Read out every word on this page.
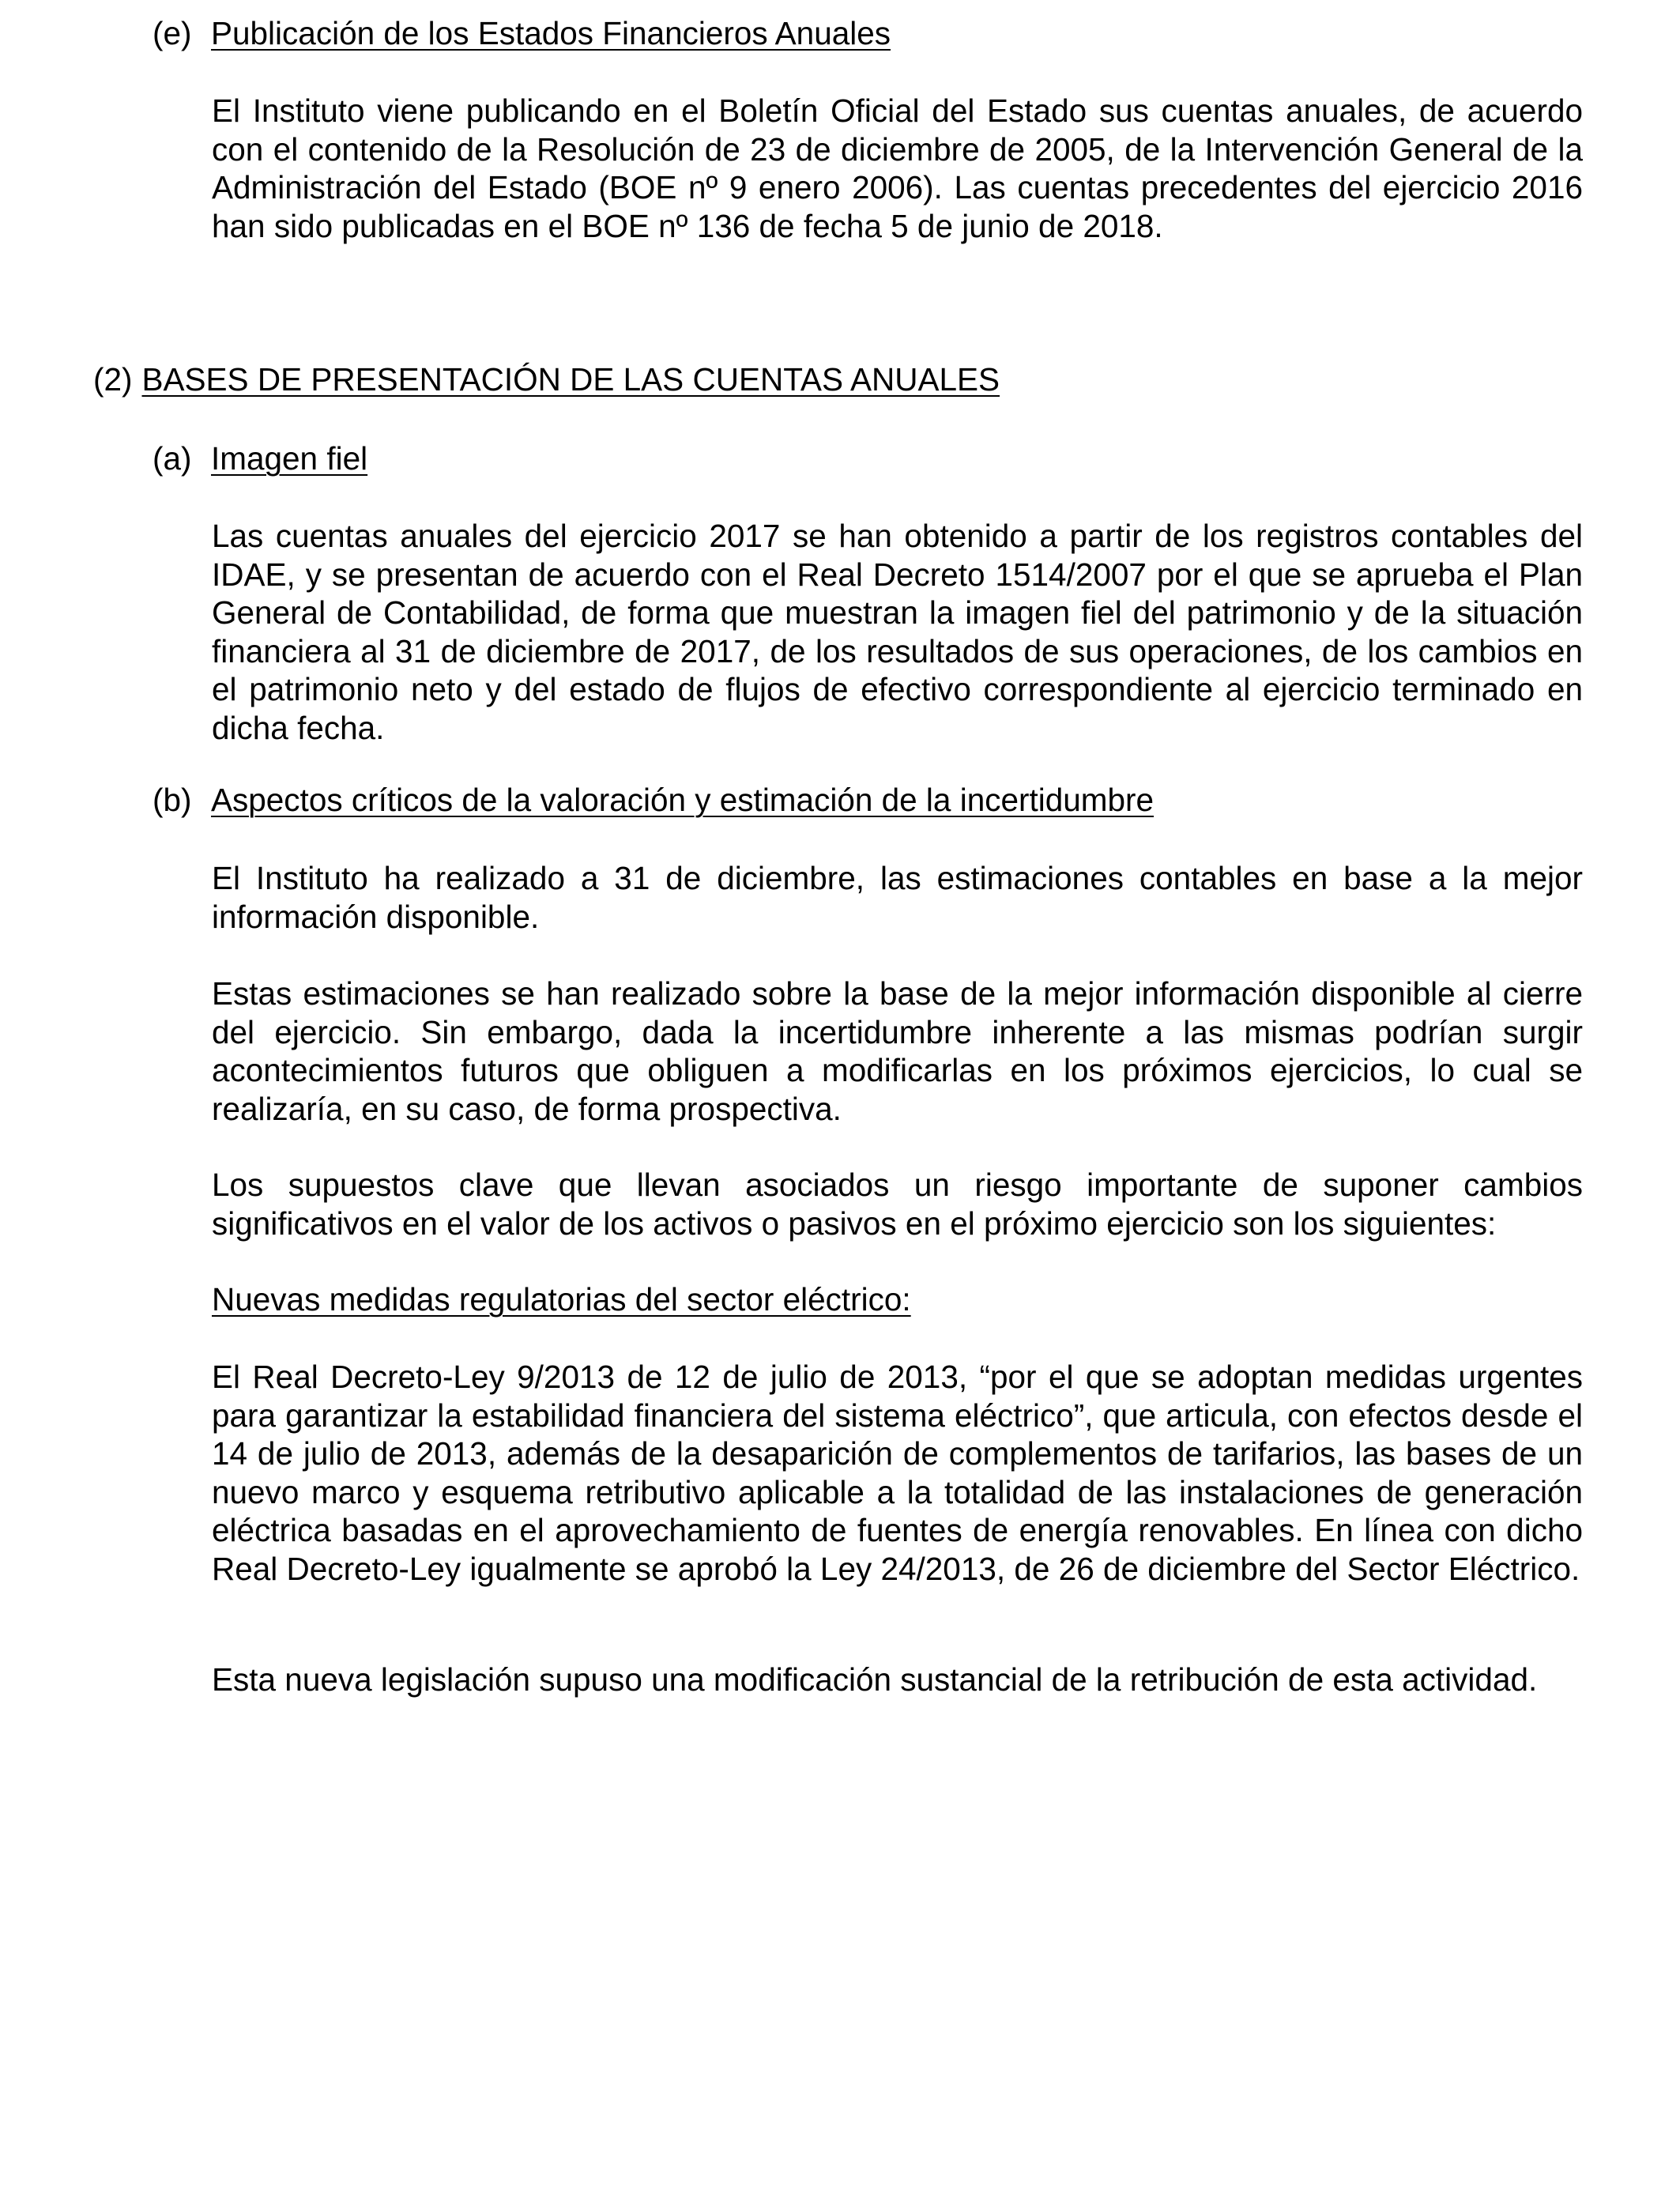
(e) Publicación de los Estados Financieros Anuales

El Instituto viene publicando en el Boletín Oficial del Estado sus cuentas anuales, de acuerdo con el contenido de la Resolución de 23 de diciembre de 2005, de la Intervención General de la Administración del Estado (BOE nº 9 enero 2006). Las cuentas precedentes del ejercicio 2016 han sido publicadas en el BOE nº 136 de fecha 5 de junio de 2018.

(2) BASES DE PRESENTACIÓN DE LAS CUENTAS ANUALES
(a) Imagen fiel

Las cuentas anuales del ejercicio 2017 se han obtenido a partir de los registros contables del IDAE, y se presentan de acuerdo con el Real Decreto 1514/2007 por el que se aprueba el Plan General de Contabilidad, de forma que muestran la imagen fiel del patrimonio y de la situación financiera al 31 de diciembre de 2017, de los resultados de sus operaciones, de los cambios en el patrimonio neto y del estado de flujos de efectivo correspondiente al ejercicio terminado en dicha fecha.

(b) Aspectos críticos de la valoración y estimación de la incertidumbre

El Instituto ha realizado a 31 de diciembre, las estimaciones contables en base a la mejor información disponible.

Estas estimaciones se han realizado sobre la base de la mejor información disponible al cierre del ejercicio. Sin embargo, dada la incertidumbre inherente a las mismas podrían surgir acontecimientos futuros que obliguen a modificarlas en los próximos ejercicios, lo cual se realizaría, en su caso, de forma prospectiva.

Los supuestos clave que llevan asociados un riesgo importante de suponer cambios significativos en el valor de los activos o pasivos en el próximo ejercicio son los siguientes:

Nuevas medidas regulatorias del sector eléctrico:

El Real Decreto-Ley 9/2013 de 12 de julio de 2013, “por el que se adoptan medidas urgentes para garantizar la estabilidad financiera del sistema eléctrico”, que articula, con efectos desde el 14 de julio de 2013, además de la desaparición de complementos de tarifarios, las bases de un nuevo marco y esquema retributivo aplicable a la totalidad de las instalaciones de generación eléctrica basadas en el aprovechamiento de fuentes de energía renovables. En línea con dicho Real Decreto-Ley igualmente se aprobó la Ley 24/2013, de 26 de diciembre del Sector Eléctrico.

Esta nueva legislación supuso una modificación sustancial de la retribución de esta actividad.
